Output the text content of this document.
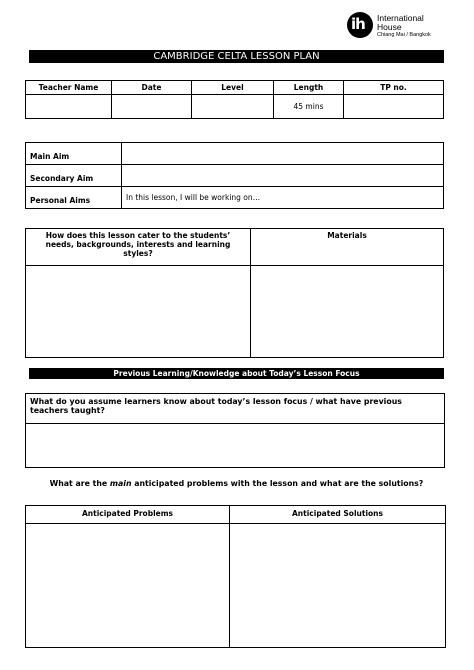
ih International
House
Chiang Mai / Bangkok
CAMBRIDGE CELTA LESSON PLAN
Teacher Name	Date	Level	Length	TP no.
			45 mins	
Main Aim	
Secondary Aim	
Personal Aims	In this lesson, I will be working on…
How does this lesson cater to the students’ needs, backgrounds, interests and learning styles?	Materials

Previous Learning/Knowledge about Today’s Lesson Focus
What do you assume learners know about today’s lesson focus / what have previous teachers taught?

What are the main anticipated problems with the lesson and what are the solutions?
Anticipated Problems	Anticipated Solutions
